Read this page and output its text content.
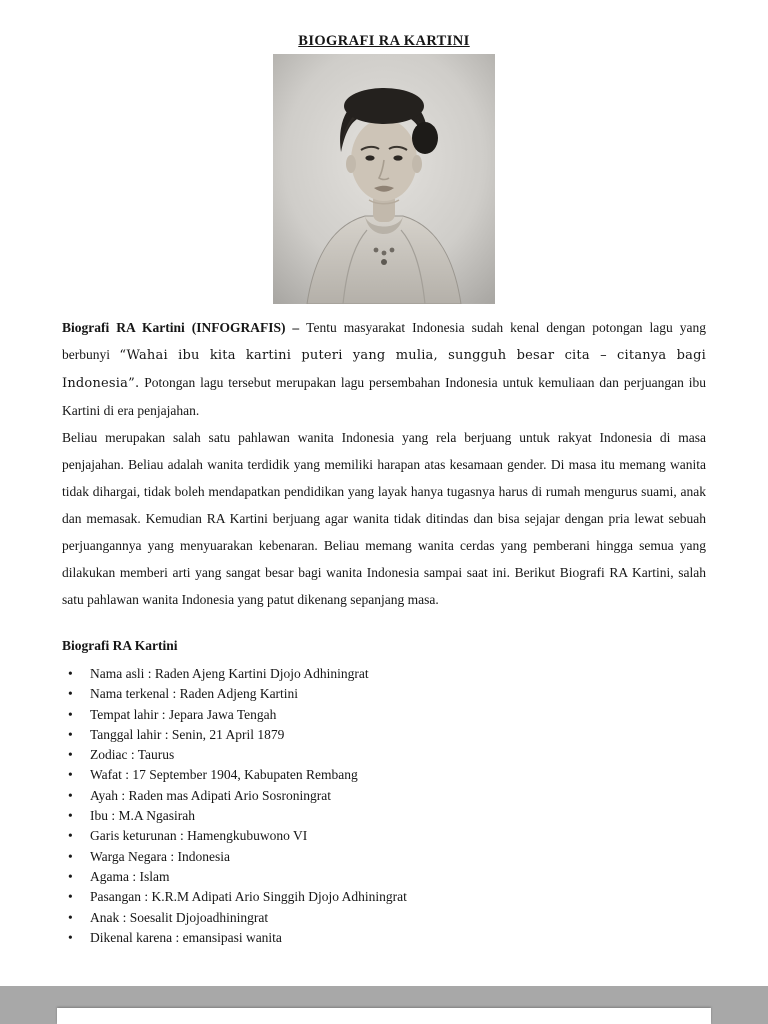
BIOGRAFI RA KARTINI

Biografi RA Kartini (INFOGRAFIS) – Tentu masyarakat Indonesia sudah kenal dengan potongan lagu yang berbunyi “Wahai ibu kita kartini puteri yang mulia, sungguh besar cita – citanya bagi Indonesia”. Potongan lagu tersebut merupakan lagu persembahan Indonesia untuk kemuliaan dan perjuangan ibu Kartini di era penjajahan.

Beliau merupakan salah satu pahlawan wanita Indonesia yang rela berjuang untuk rakyat Indonesia di masa penjajahan. Beliau adalah wanita terdidik yang memiliki harapan atas kesamaan gender. Di masa itu memang wanita tidak dihargai, tidak boleh mendapatkan pendidikan yang layak hanya tugasnya harus di rumah mengurus suami, anak dan memasak. Kemudian RA Kartini berjuang agar wanita tidak ditindas dan bisa sejajar dengan pria lewat sebuah perjuangannya yang menyuarakan kebenaran. Beliau memang wanita cerdas yang pemberani hingga semua yang dilakukan memberi arti yang sangat besar bagi wanita Indonesia sampai saat ini. Berikut Biografi RA Kartini, salah satu pahlawan wanita Indonesia yang patut dikenang sepanjang masa.

Biografi RA Kartini
• Nama asli : Raden Ajeng Kartini Djojo Adhiningrat
• Nama terkenal : Raden Adjeng Kartini
• Tempat lahir : Jepara Jawa Tengah
• Tanggal lahir : Senin, 21 April 1879
• Zodiac : Taurus
• Wafat : 17 September 1904, Kabupaten Rembang
• Ayah : Raden mas Adipati Ario Sosroningrat
• Ibu : M.A Ngasirah
• Garis keturunan : Hamengkubuwono VI
• Warga Negara : Indonesia
• Agama : Islam
• Pasangan : K.R.M Adipati Ario Singgih Djojo Adhiningrat
• Anak : Soesalit Djojoadhiningrat
• Dikenal karena : emansipasi wanita
